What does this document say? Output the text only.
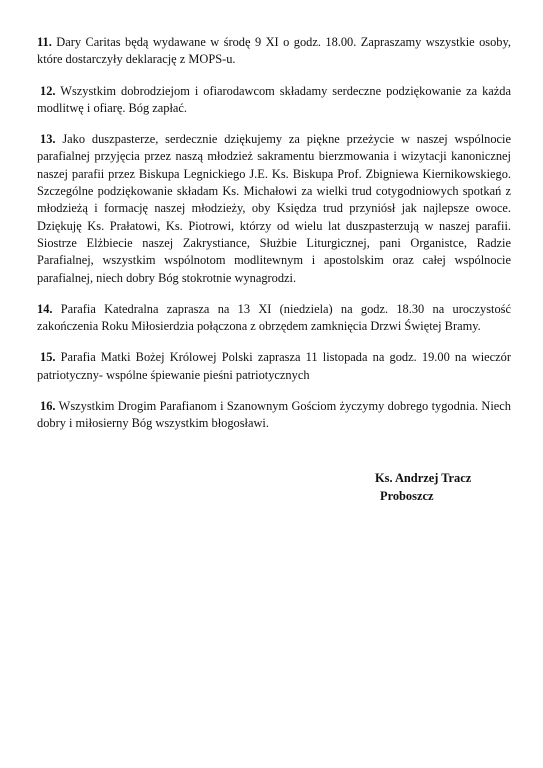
11. Dary Caritas będą wydawane w środę 9 XI o godz. 18.00. Zapraszamy wszystkie osoby, które dostarczyły deklarację z MOPS-u.

12. Wszystkim dobrodziejom i ofiarodawcom składamy serdeczne podziękowanie za każda modlitwę i ofiarę. Bóg zapłać.

13. Jako duszpasterze, serdecznie dziękujemy za piękne przeżycie w naszej wspólnocie parafialnej przyjęcia przez naszą młodzież sakramentu bierzmowania i wizytacji kanonicznej naszej parafii przez Biskupa Legnickiego J.E. Ks. Biskupa Prof. Zbigniewa Kiernikowskiego. Szczególne podziękowanie składam Ks. Michałowi za wielki trud cotygodniowych spotkań z młodzieżą i formację naszej młodzieży, oby Księdza trud przyniósł jak najlepsze owoce. Dziękuję Ks. Prałatowi, Ks. Piotrowi, którzy od wielu lat duszpasterzują w naszej parafii. Siostrze Elżbiecie naszej Zakrystiance, Służbie Liturgicznej, pani Organistce, Radzie Parafialnej, wszystkim wspólnotom modlitewnym i apostolskim oraz całej wspólnocie parafialnej, niech dobry Bóg stokrotnie wynagrodzi.

14. Parafia Katedralna zaprasza na 13 XI (niedziela) na godz. 18.30 na uroczystość zakończenia Roku Miłosierdzia połączona z obrzędem zamknięcia Drzwi Świętej Bramy.

15. Parafia Matki Bożej Królowej Polski zaprasza 11 listopada na godz. 19.00 na wieczór patriotyczny- wspólne śpiewanie pieśni patriotycznych

16. Wszystkim Drogim Parafianom i Szanownym Gościom życzymy dobrego tygodnia. Niech dobry i miłosierny Bóg wszystkim błogosławi.

Ks. Andrzej Tracz
Proboszcz
